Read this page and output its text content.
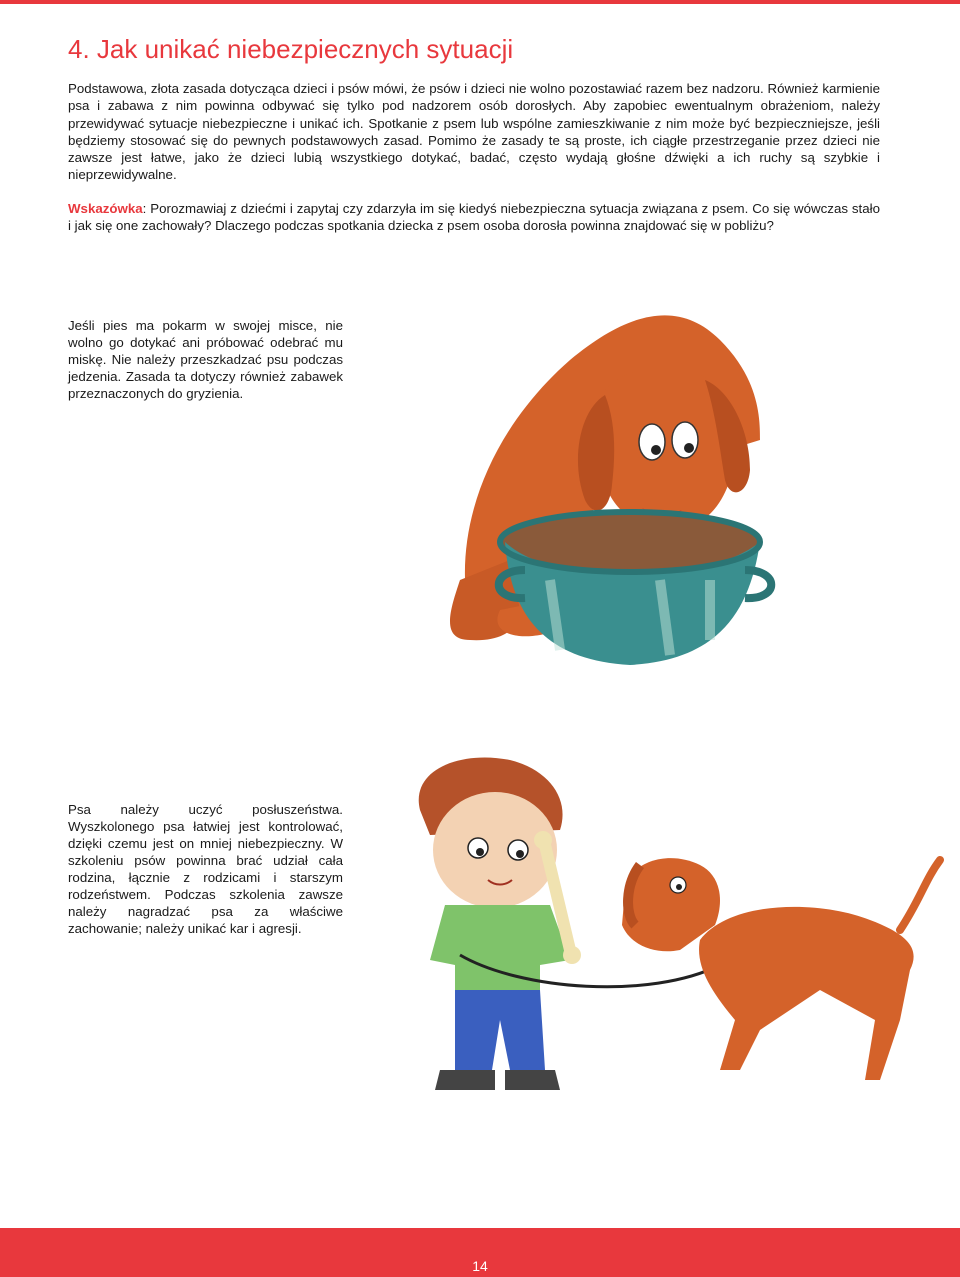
4. Jak unikać niebezpiecznych sytuacji

Podstawowa, złota zasada dotycząca dzieci i psów mówi, że psów i dzieci nie wolno pozostawiać razem bez nadzoru. Również karmienie psa i zabawa z nim powinna odbywać się tylko pod nadzorem osób dorosłych. Aby zapobiec ewentualnym obrażeniom, należy przewidywać sytuacje niebezpieczne i unikać ich. Spotkanie z psem lub wspólne zamieszkiwanie z nim może być bezpieczniejsze, jeśli będziemy stosować się do pewnych podstawowych zasad. Pomimo że zasady te są proste, ich ciągłe przestrzeganie przez dzieci nie zawsze jest łatwe, jako że dzieci lubią wszystkiego dotykać, badać, często wydają głośne dźwięki a ich ruchy są szybkie i nieprzewidywalne.

Wskazówka: Porozmawiaj z dziećmi i zapytaj czy zdarzyła im się kiedyś niebezpieczna sytuacja związana z psem. Co się wówczas stało i jak się one zachowały? Dlaczego podczas spotkania dziecka z psem osoba dorosła powinna znajdować się w pobliżu?

Jeśli pies ma pokarm w swojej misce, nie wolno go dotykać ani próbować odebrać mu miskę. Nie należy przeszkadzać psu podczas jedzenia. Zasada ta dotyczy również zabawek przeznaczonych do gryzienia.

Psa należy uczyć posłuszeństwa. Wyszkolonego psa łatwiej jest kontrolować, dzięki czemu jest on mniej niebezpieczny. W szkoleniu psów powinna brać udział cała rodzina, łącznie z rodzicami i starszym rodzeństwem. Podczas szkolenia zawsze należy nagradzać psa za właściwe zachowanie; należy unikać kar i agresji.

14
